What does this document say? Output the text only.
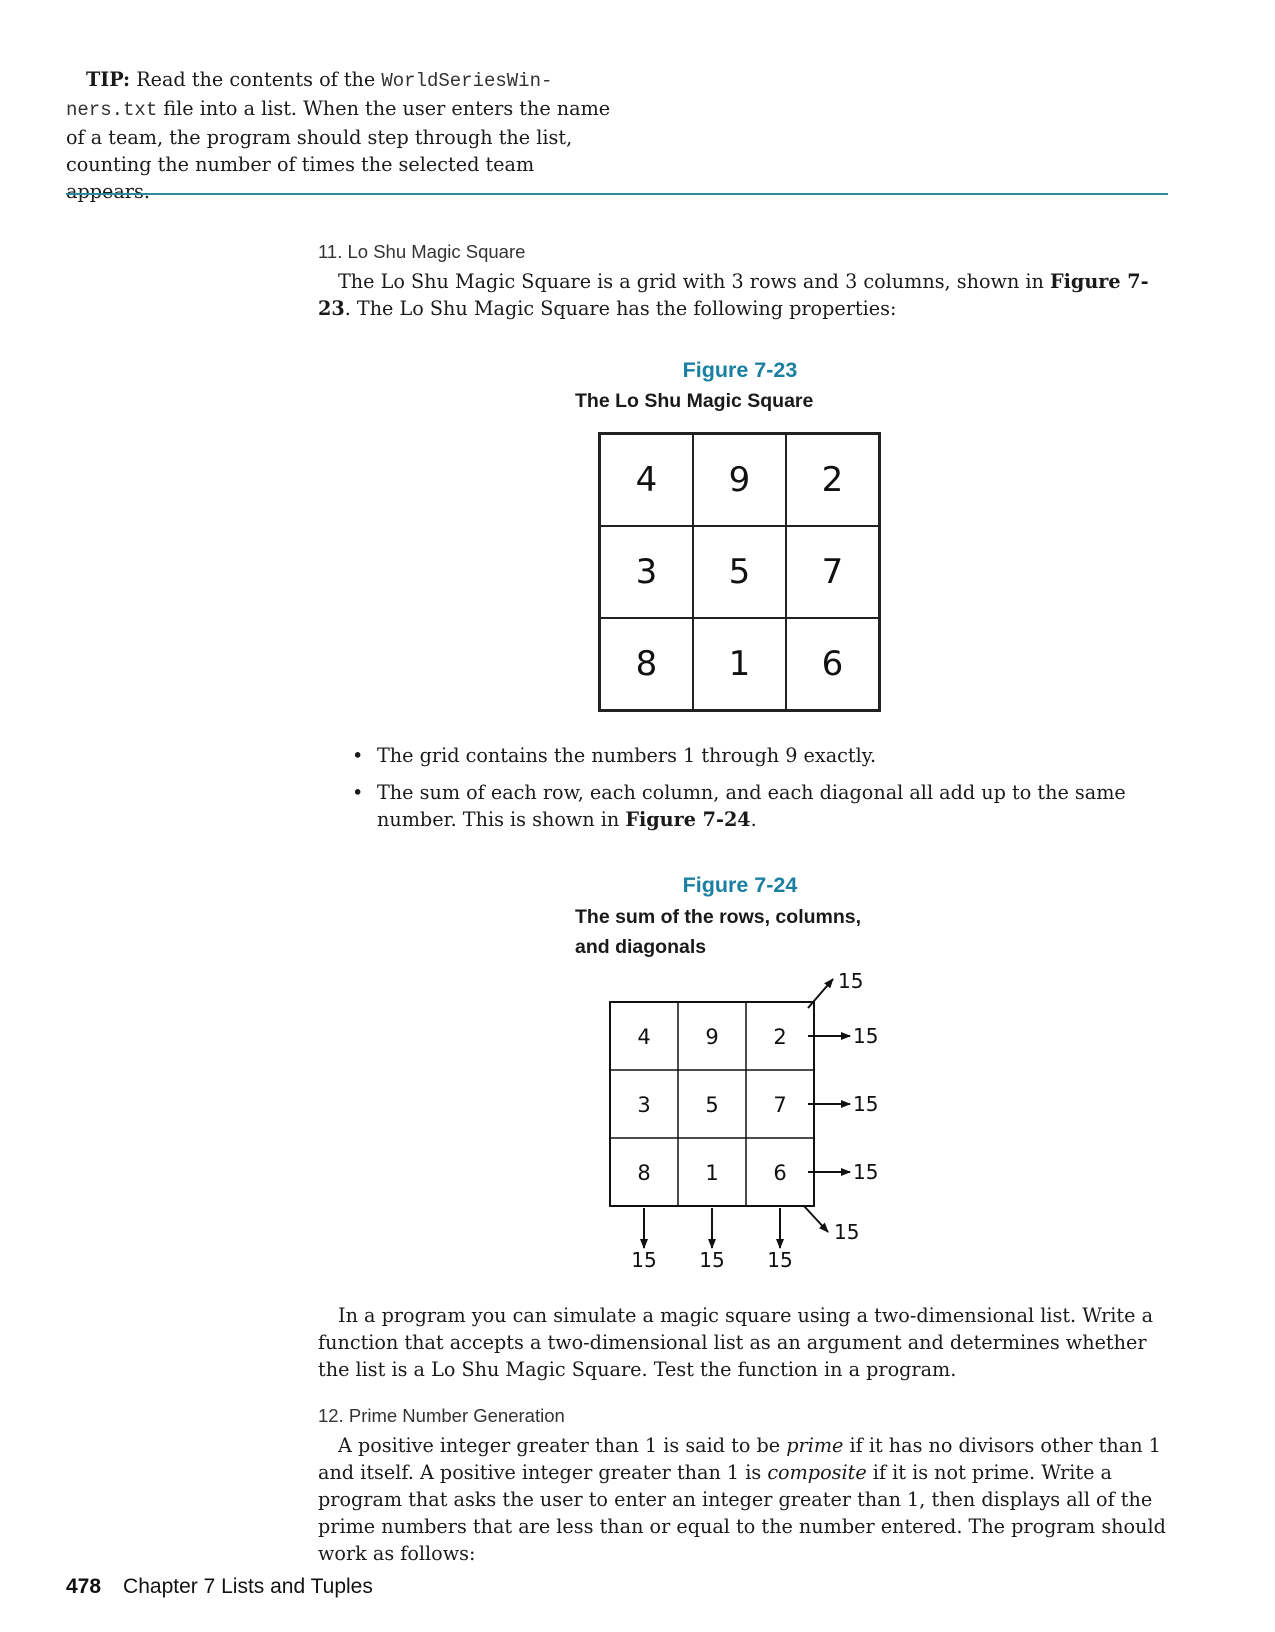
TIP: Read the contents of the WorldSeriesWin-
ners.txt file into a list. When the user enters the name of a team, the program should step through the list, counting the number of times the selected team appears.
11. Lo Shu Magic Square
The Lo Shu Magic Square is a grid with 3 rows and 3 columns, shown in Figure 7-23. The Lo Shu Magic Square has the following properties:
Figure 7-23
The Lo Shu Magic Square
4	9	2
3	5	7
8	1	6
• The grid contains the numbers 1 through 9 exactly.
• The sum of each row, each column, and each diagonal all add up to the same number. This is shown in Figure 7-24.
Figure 7-24
The sum of the rows, columns,
and diagonals
4	9	2
3	5	7
8	1	6
15
15
15
15
15
15 15 15
In a program you can simulate a magic square using a two-dimensional list. Write a function that accepts a two-dimensional list as an argument and determines whether the list is a Lo Shu Magic Square. Test the function in a program.
12. Prime Number Generation
A positive integer greater than 1 is said to be prime if it has no divisors other than 1 and itself. A positive integer greater than 1 is composite if it is not prime. Write a program that asks the user to enter an integer greater than 1, then displays all of the prime numbers that are less than or equal to the number entered. The program should work as follows:
478 Chapter 7 Lists and Tuples
